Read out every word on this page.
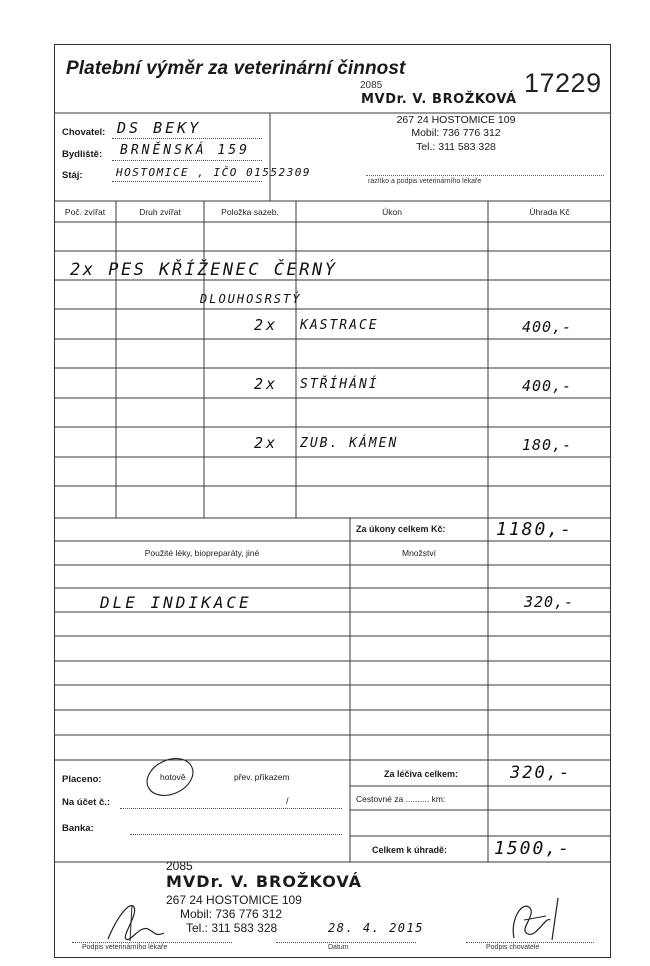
Platební výměr za veterinární činnost	17229
2085
MVDr. V. BROŽKOVÁ
267 24 HOSTOMICE 109
Mobil: 736 776 312
Tel.: 311 583 328
razítko a podpis veterinárního lékaře
Chovatel: DS BEKY
Bydliště: BRNĚNSKÁ 159
Stáj:	HOSTOMICE , IČO 01552309
Poč. zvířat	Druh zvířat	Položka sazeb.	Úkon	Úhrada Kč
2x PES KŘÍŽENEC ČERNÝ
DLOUHOSRSTÝ
2x KASTRACE	400,-
2x STŘÍHÁNÍ	400,-
2x ZUB. KÁMEN	180,-
Za úkony celkem Kč:	1180,-
Použité léky, biopreparáty, jiné	Množství
DLE INDIKACE	320,-
Placeno:	hotově	přev. příkazem
Na účet č.:	/
Banka:
Za léčiva celkem:	320,-
Cestovné za .......... km:
Celkem k úhradě:	1500,-
2085
MVDr. V. BROŽKOVÁ
267 24 HOSTOMICE 109
Mobil: 736 776 312
Tel.: 311 583 328	28. 4. 2015
Podpis veterinárního lékaře	Datum	Podpis chovatele
